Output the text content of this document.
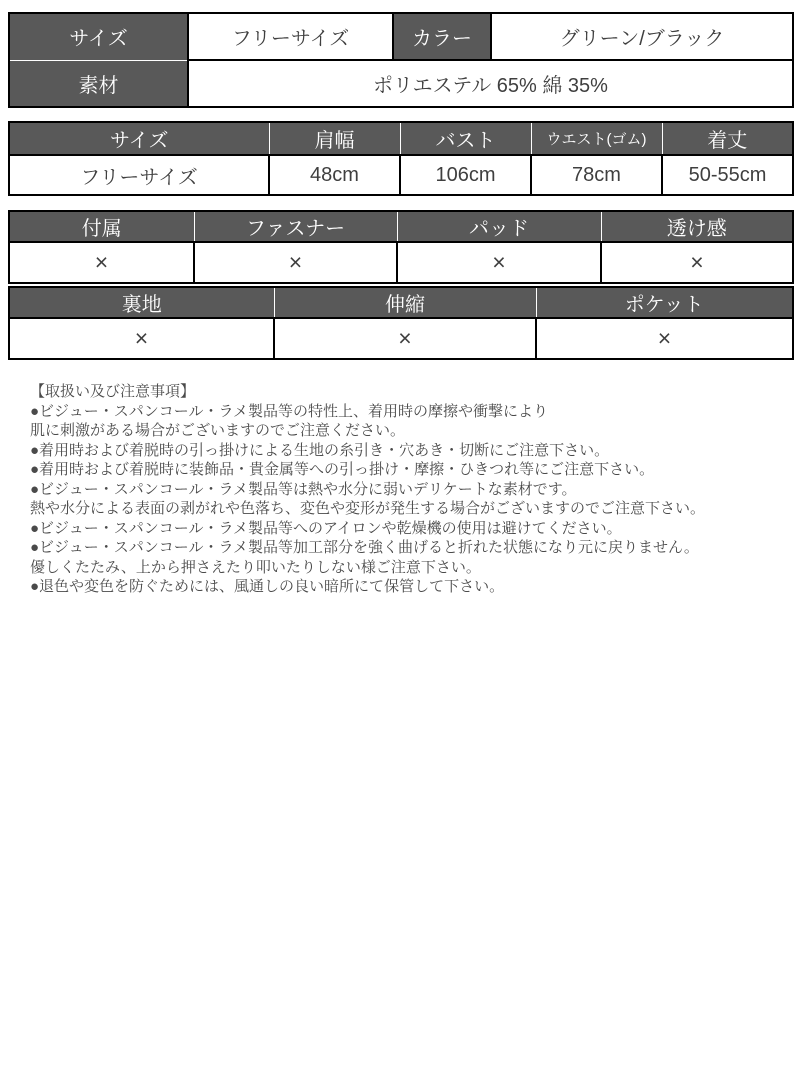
サイズ	フリーサイズ	カラー	グリーン/ブラック
素材	ポリエステル 65% 綿 35%		
サイズ	肩幅	バスト	ウエスト(ゴム)	着丈
フリーサイズ	48cm	106cm	78cm	50-55cm
付属	ファスナー	パッド	透け感
×	×	×	×
裏地	伸縮	ポケット
×	×	×
【取扱い及び注意事項】
●ビジュー・スパンコール・ラメ製品等の特性上、着用時の摩擦や衝撃により
肌に刺激がある場合がございますのでご注意ください。
●着用時および着脱時の引っ掛けによる生地の糸引き・穴あき・切断にご注意下さい。
●着用時および着脱時に装飾品・貴金属等への引っ掛け・摩擦・ひきつれ等にご注意下さい。
●ビジュー・スパンコール・ラメ製品等は熱や水分に弱いデリケートな素材です。
熱や水分による表面の剥がれや色落ち、変色や変形が発生する場合がございますのでご注意下さい。
●ビジュー・スパンコール・ラメ製品等へのアイロンや乾燥機の使用は避けてください。
●ビジュー・スパンコール・ラメ製品等加工部分を強く曲げると折れた状態になり元に戻りません。
優しくたたみ、上から押さえたり叩いたりしない様ご注意下さい。
●退色や変色を防ぐためには、風通しの良い暗所にて保管して下さい。
